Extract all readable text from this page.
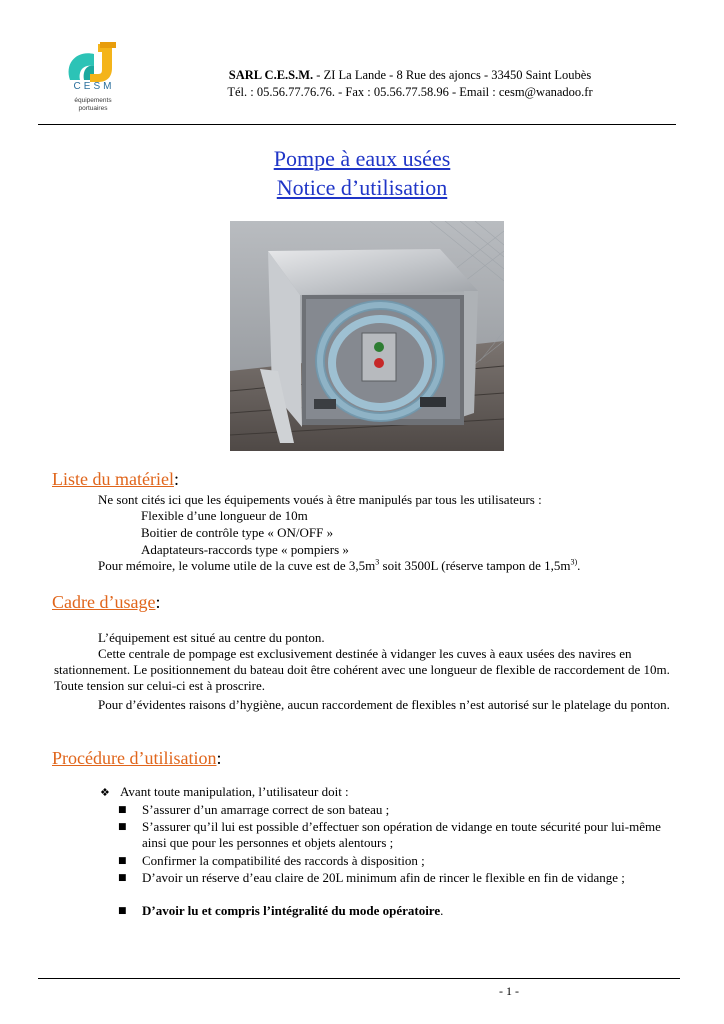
CESM
équipements
portuaires
SARL C.E.S.M. - ZI La Lande - 8 Rue des ajoncs - 33450 Saint Loubès
Tél. : 05.56.77.76.76. - Fax : 05.56.77.58.96 - Email : cesm@wanadoo.fr
Pompe à eaux usées
Notice d’utilisation
Liste du matériel:
Ne sont cités ici que les équipements voués à être manipulés par tous les utilisateurs :
Flexible d’une longueur de 10m
Boitier de contrôle type « ON/OFF »
Adaptateurs-raccords type « pompiers »
Pour mémoire, le volume utile de la cuve est de $3,5m^3$ soit 3500L (réserve tampon de $1,5m^{3)}$.
Cadre d’usage:
L’équipement est situé au centre du ponton.
Cette centrale de pompage est exclusivement destinée à vidanger les cuves à eaux usées des navires en stationnement. Le positionnement du bateau doit être cohérent avec une longueur de flexible de raccordement de 10m. Toute tension sur celui-ci est à proscrire.
Pour d’évidentes raisons d’hygiène, aucun raccordement de flexibles n’est autorisé sur le platelage du ponton.
Procédure d’utilisation:
❖ Avant toute manipulation, l’utilisateur doit :
■ S’assurer d’un amarrage correct de son bateau ;
■ S’assurer qu’il lui est possible d’effectuer son opération de vidange en toute sécurité pour lui-même ainsi que pour les personnes et objets alentours ;
■ Confirmer la compatibilité des raccords à disposition ;
■ D’avoir un réserve d’eau claire de 20L minimum afin de rincer le flexible en fin de vidange ;
■ D’avoir lu et compris l’intégralité du mode opératoire.
- 1 -
